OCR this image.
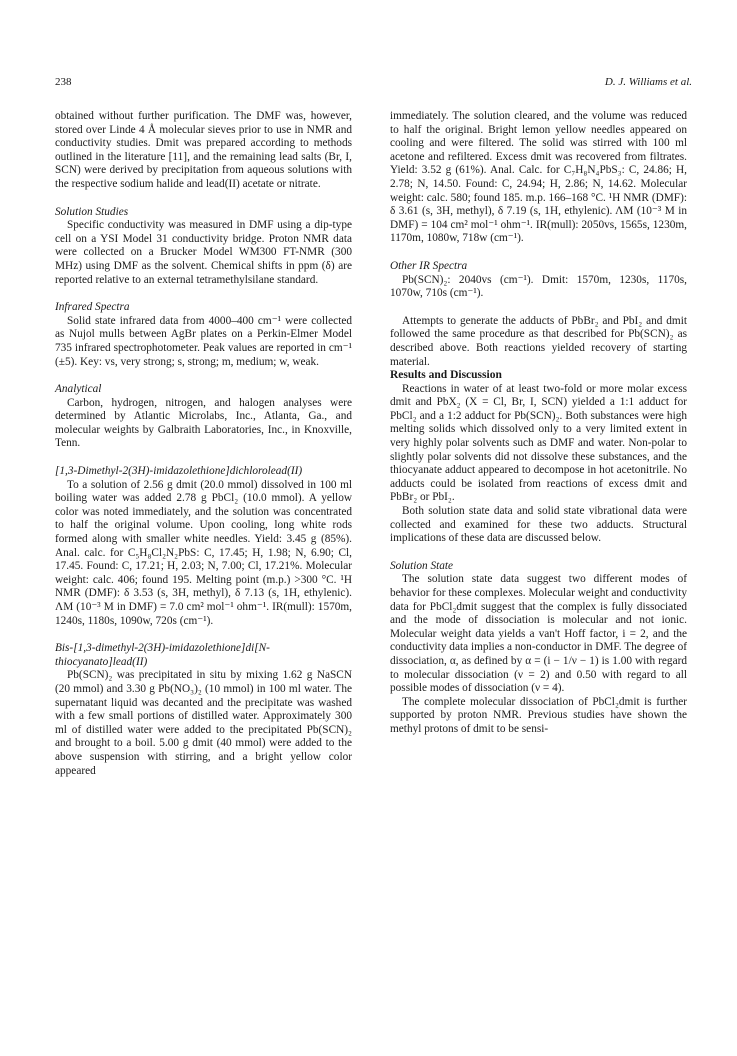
238	D. J. Williams et al.

obtained without further purification. The DMF was, however, stored over Linde 4 Å molecular sieves prior to use in NMR and conductivity studies. Dmit was prepared according to methods outlined in the literature [11], and the remaining lead salts (Br, I, SCN) were derived by precipitation from aqueous solutions with the respective sodium halide and lead(II) acetate or nitrate.

Solution Studies

Specific conductivity was measured in DMF using a dip-type cell on a YSI Model 31 conductivity bridge. Proton NMR data were collected on a Brucker Model WM300 FT-NMR (300 MHz) using DMF as the solvent. Chemical shifts in ppm (δ) are reported relative to an external tetramethylsilane standard.

Infrared Spectra

Solid state infrared data from 4000–400 cm⁻¹ were collected as Nujol mulls between AgBr plates on a Perkin-Elmer Model 735 infrared spectrophotometer. Peak values are reported in cm⁻¹ (±5). Key: vs, very strong; s, strong; m, medium; w, weak.

Analytical

Carbon, hydrogen, nitrogen, and halogen analyses were determined by Atlantic Microlabs, Inc., Atlanta, Ga., and molecular weights by Galbraith Laboratories, Inc., in Knoxville, Tenn.

[1,3-Dimethyl-2(3H)-imidazolethione]dichlorolead(II)

To a solution of 2.56 g dmit (20.0 mmol) dissolved in 100 ml boiling water was added 2.78 g PbCl₂ (10.0 mmol). A yellow color was noted immediately, and the solution was concentrated to half the original volume. Upon cooling, long white rods formed along with smaller white needles. Yield: 3.45 g (85%). Anal. calc. for C₅H₈Cl₂N₂PbS: C, 17.45; H, 1.98; N, 6.90; Cl, 17.45. Found: C, 17.21; H, 2.03; N, 7.00; Cl, 17.21%. Molecular weight: calc. 406; found 195. Melting point (m.p.) >300 °C. ¹H NMR (DMF): δ 3.53 (s, 3H, methyl), δ 7.13 (s, 1H, ethylenic). ΛM (10⁻³ M in DMF) = 7.0 cm² mol⁻¹ ohm⁻¹. IR(mull): 1570m, 1240s, 1180s, 1090w, 720s (cm⁻¹).

Bis-[1,3-dimethyl-2(3H)-imidazolethione]di[N-thiocyanato]lead(II)

Pb(SCN)₂ was precipitated in situ by mixing 1.62 g NaSCN (20 mmol) and 3.30 g Pb(NO₃)₂ (10 mmol) in 100 ml water. The supernatant liquid was decanted and the precipitate was washed with a few small portions of distilled water. Approximately 300 ml of distilled water were added to the precipitated Pb(SCN)₂ and brought to a boil. 5.00 g dmit (40 mmol) were added to the above suspension with stirring, and a bright yellow color appeared

immediately. The solution cleared, and the volume was reduced to half the original. Bright lemon yellow needles appeared on cooling and were filtered. The solid was stirred with 100 ml acetone and refiltered. Excess dmit was recovered from filtrates. Yield: 3.52 g (61%). Anal. Calc. for C₇H₈N₄PbS₃: C, 24.86; H, 2.78; N, 14.50. Found: C, 24.94; H, 2.86; N, 14.62. Molecular weight: calc. 580; found 185. m.p. 166–168 °C. ¹H NMR (DMF): δ 3.61 (s, 3H, methyl), δ 7.19 (s, 1H, ethylenic). ΛM (10⁻³ M in DMF) = 104 cm² mol⁻¹ ohm⁻¹. IR(mull): 2050vs, 1565s, 1230m, 1170m, 1080w, 718w (cm⁻¹).

Other IR Spectra

Pb(SCN)₂: 2040vs (cm⁻¹). Dmit: 1570m, 1230s, 1170s, 1070w, 710s (cm⁻¹).

Attempts to generate the adducts of PbBr₂ and PbI₂ and dmit followed the same procedure as that described for Pb(SCN)₂ as described above. Both reactions yielded recovery of starting material.

Results and Discussion

Reactions in water of at least two-fold or more molar excess dmit and PbX₂ (X = Cl, Br, I, SCN) yielded a 1:1 adduct for PbCl₂ and a 1:2 adduct for Pb(SCN)₂. Both substances were high melting solids which dissolved only to a very limited extent in very highly polar solvents such as DMF and water. Non-polar to slightly polar solvents did not dissolve these substances, and the thiocyanate adduct appeared to decompose in hot acetonitrile. No adducts could be isolated from reactions of excess dmit and PbBr₂ or PbI₂.

Both solution state data and solid state vibrational data were collected and examined for these two adducts. Structural implications of these data are discussed below.

Solution State

The solution state data suggest two different modes of behavior for these complexes. Molecular weight and conductivity data for PbCl₂dmit suggest that the complex is fully dissociated and the mode of dissociation is molecular and not ionic. Molecular weight data yields a van't Hoff factor, i = 2, and the conductivity data implies a non-conductor in DMF. The degree of dissociation, α, as defined by α = (i − 1/ν − 1) is 1.00 with regard to molecular dissociation (ν = 2) and 0.50 with regard to all possible modes of dissociation (ν = 4).

The complete molecular dissociation of PbCl₂dmit is further supported by proton NMR. Previous studies have shown the methyl protons of dmit to be sensi-
